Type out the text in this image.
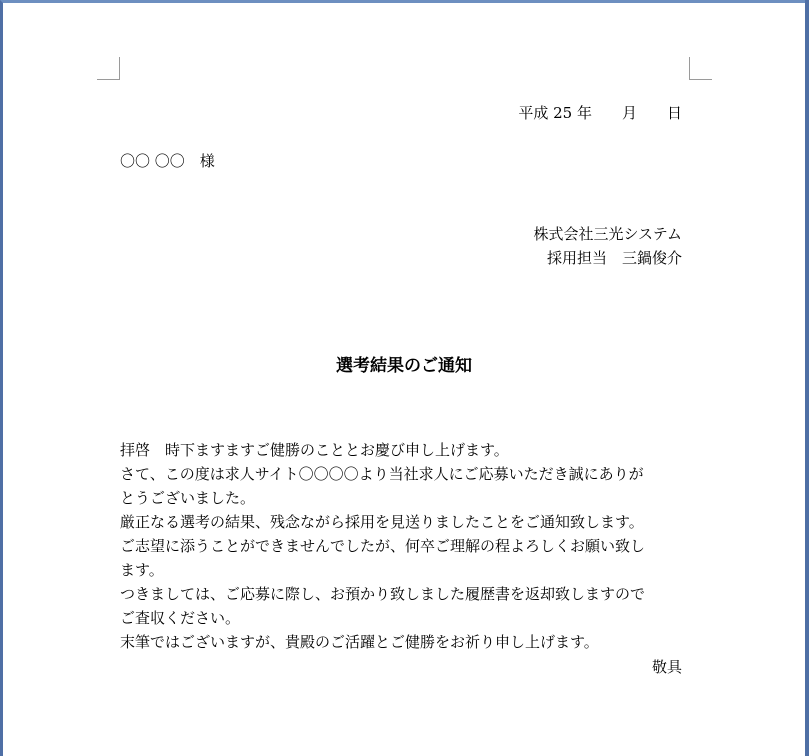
平成 25 年　　月　　日
〇〇 〇〇　様
株式会社三光システム
採用担当　三鍋俊介
選考結果のご通知
拝啓　時下ますますご健勝のこととお慶び申し上げます。
さて、この度は求人サイト〇〇〇〇より当社求人にご応募いただき誠にありが
とうございました。
厳正なる選考の結果、残念ながら採用を見送りましたことをご通知致します。
ご志望に添うことができませんでしたが、何卒ご理解の程よろしくお願い致し
ます。
つきましては、ご応募に際し、お預かり致しました履歴書を返却致しますので
ご査収ください。
末筆ではございますが、貴殿のご活躍とご健勝をお祈り申し上げます。
敬具
